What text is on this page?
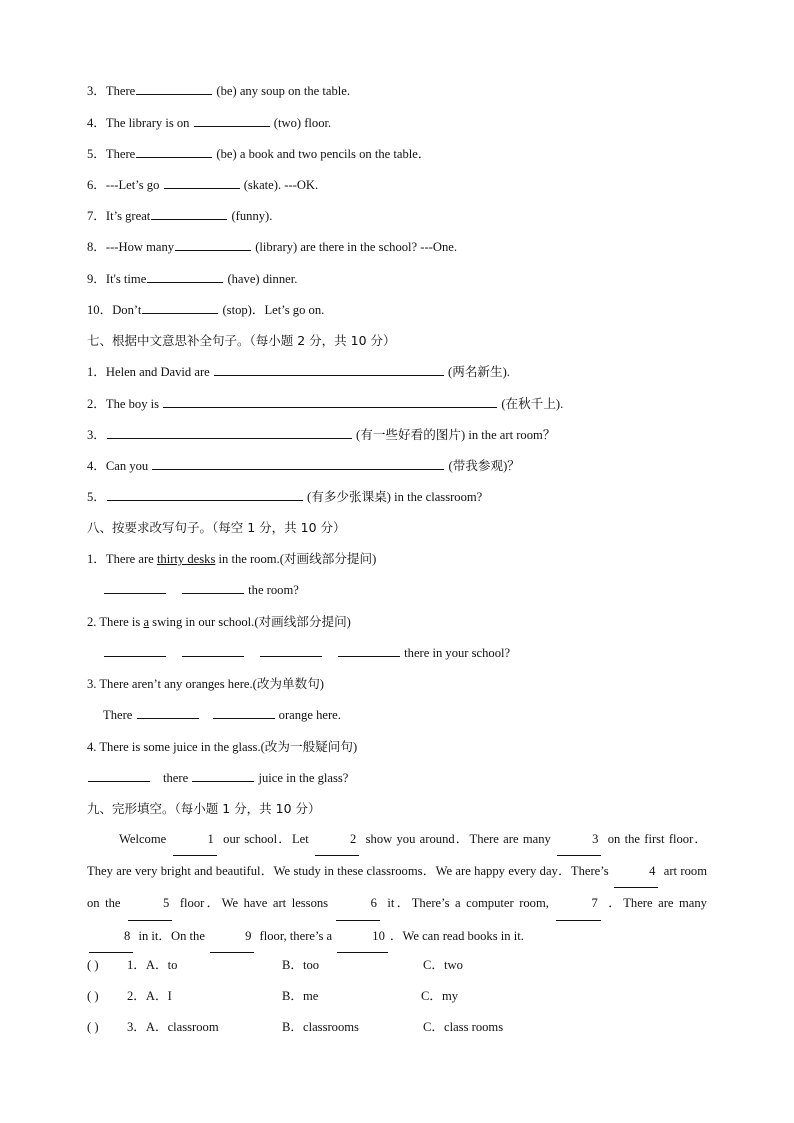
3．There	(be) any soup on the table.
4．The library is on	(two) floor.
5．There	(be) a book and two pencils on the table．
6．---Let’s go	(skate). ---OK.
7．It’s great	(funny).
8．---How many	(library) are there in the school? ---One.
9．It's time	(have) dinner.
10．Don’t	(stop)．Let’s go on.
七、根据中文意思补全句子。（每小题 2 分，共 10 分）
1．Helen and David are	(两名新生).
2．The boy is	(在秋千上).
3．	(有一些好看的图片) in the art room？
4．Can you	(带我参观)？
5．	(有多少张课桌) in the classroom?
八、按要求改写句子。（每空 1 分，共 10 分）
1．There are thirty desks in the room.(对画线部分提问)
the room?
2. There is a swing in our school.(对画线部分提问)
there in your school?
3. There aren’t any oranges here.(改为单数句)
There	orange here.
4. There is some juice in the glass.(改为一般疑问句)
there	juice in the glass?
九、完形填空。（每小题 1 分，共 10 分）
Welcome	1 our school．Let	2 show you around．There are many	3 on the first floor．They are very bright and beautiful．We study in these classrooms．We are happy every day．There’s	4 art room on the	5 floor．We have art lessons	6 it．There’s a computer room,	7 ．There are many 8 in it．On the	9 floor, there’s a	10 ．We can read books in it.
( ) 1．A．to	B．too	C．two
( ) 2．A．I	B．me	C．my
( ) 3．A．classroom	B．classrooms	C．class rooms
